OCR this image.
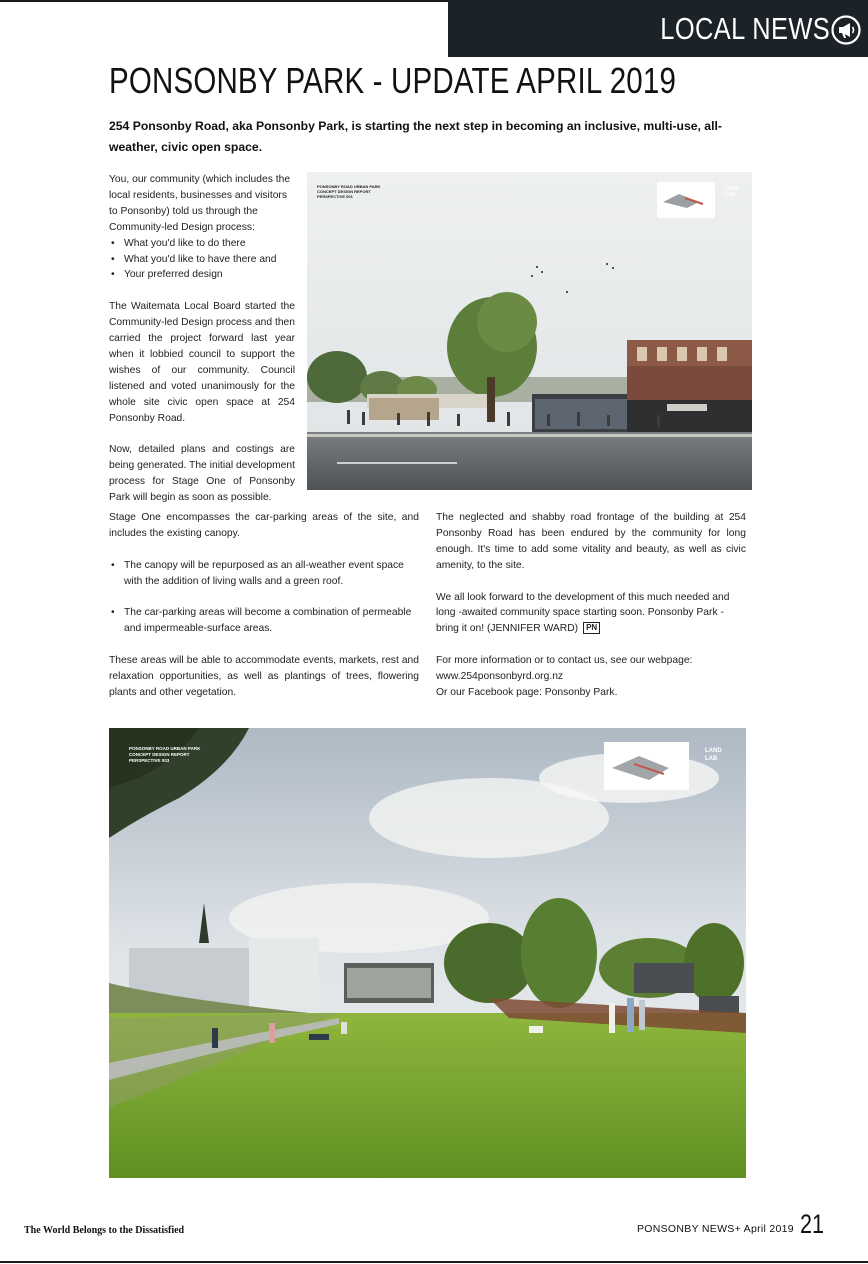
LOCAL NEWS
PONSONBY PARK - UPDATE APRIL 2019
254 Ponsonby Road, aka Ponsonby Park, is starting the next step in becoming an inclusive, multi-use, all-weather, civic open space.

You, our community (which includes the local residents, businesses and visitors to Ponsonby) told us through the Community-led Design process:

• What you'd like to do there
• What you'd like to have there and
• Your preferred design

The Waitemata Local Board started the Community-led Design process and then carried the project forward last year when it lobbied council to support the wishes of our community. Council listened and voted unanimously for the whole site civic open space at 254 Ponsonby Road.

Now, detailed plans and costings are being generated. The initial development process for Stage One of Ponsonby Park will begin as soon as possible.

PONSONBY ROAD URBAN PARK
CONCEPT DESIGN REPORT
PERSPECTIVE 001
LAND
LAB

Stage One encompasses the car-parking areas of the site, and includes the existing canopy.

• The canopy will be repurposed as an all-weather event space with the addition of living walls and a green roof.
• The car-parking areas will become a combination of permeable and impermeable-surface areas.

These areas will be able to accommodate events, markets, rest and relaxation opportunities, as well as plantings of trees, flowering plants and other vegetation.

The neglected and shabby road frontage of the building at 254 Ponsonby Road has been endured by the community for long enough. It's time to add some vitality and beauty, as well as civic amenity, to the site.

We all look forward to the development of this much needed and long -awaited community space starting soon. Ponsonby Park - bring it on! (JENNIFER WARD) PN

For more information or to contact us, see our webpage:
www.254ponsonbyrd.org.nz
Or our Facebook page: Ponsonby Park.

PONSONBY ROAD URBAN PARK
CONCEPT DESIGN REPORT
PERSPECTIVE 003
LAND
LAB
The World Belongs to the Dissatisfied	PONSONBY NEWS+ April 2019 21
